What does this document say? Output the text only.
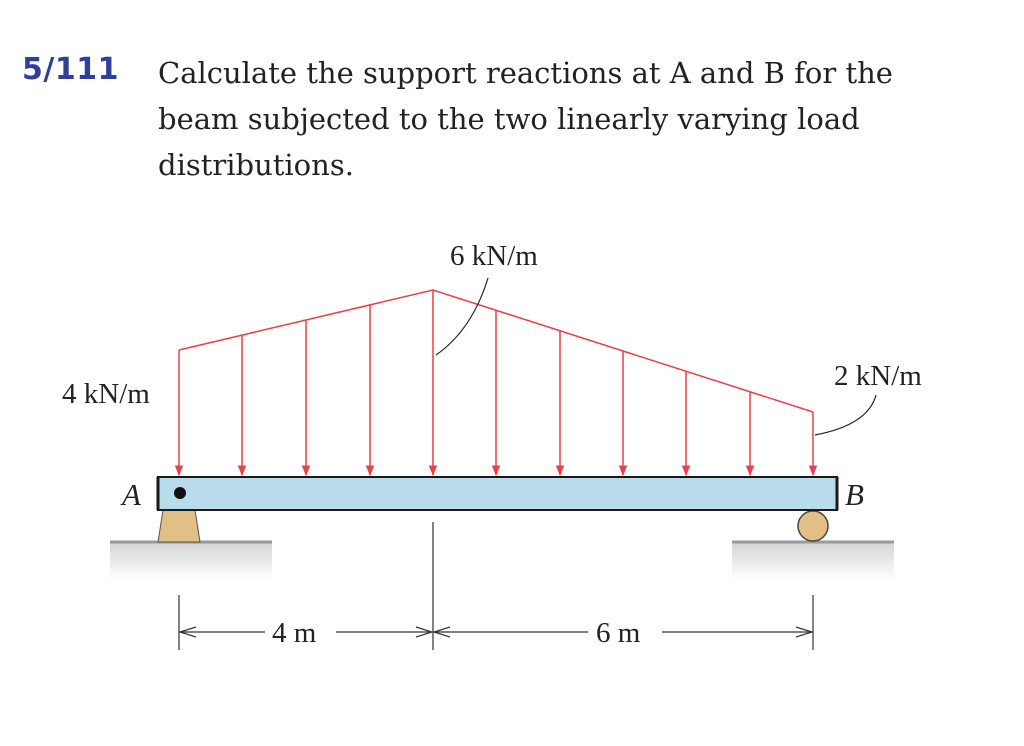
5/111 Calculate the support reactions at A and B for the
beam subjected to the two linearly varying load
distributions.

6 kN/m
4 kN/m
2 kN/m
A	B
4 m	6 m
